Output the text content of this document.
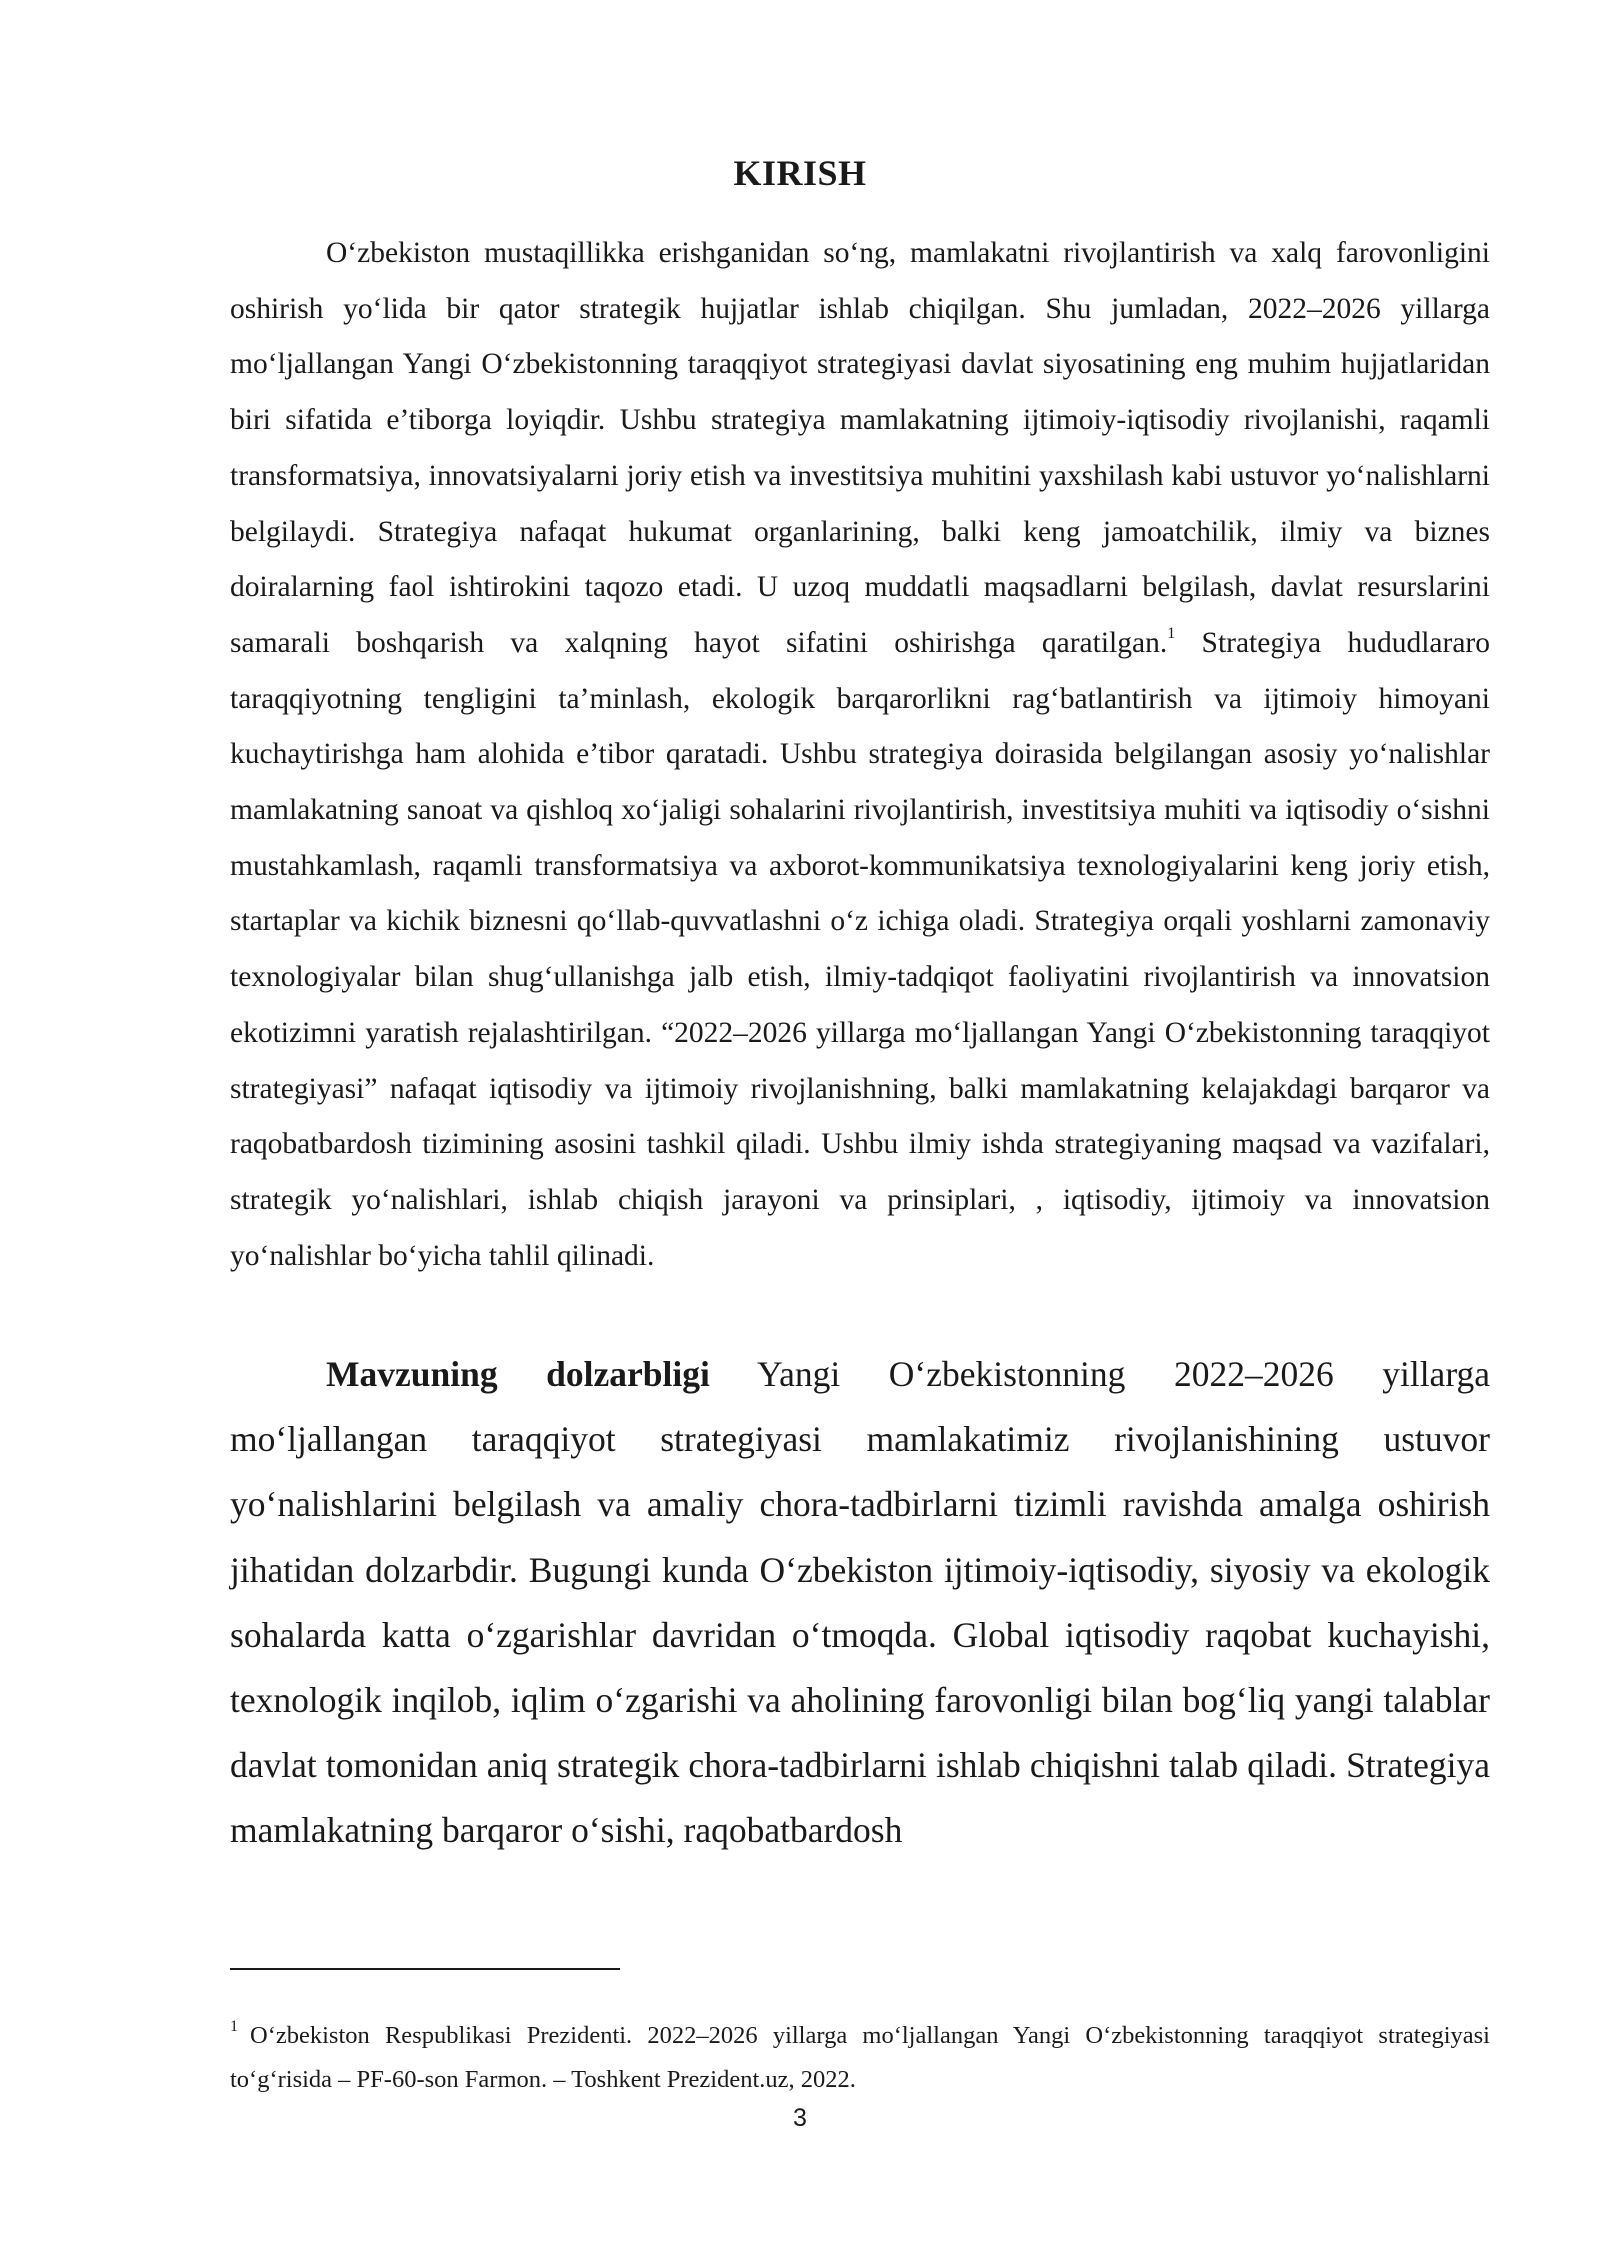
KIRISH

O‘zbekiston mustaqillikka erishganidan so‘ng, mamlakatni rivojlantirish va xalq farovonligini oshirish yo‘lida bir qator strategik hujjatlar ishlab chiqilgan. Shu jumladan, 2022–2026 yillarga mo‘ljallangan Yangi O‘zbekistonning taraqqiyot strategiyasi davlat siyosatining eng muhim hujjatlaridan biri sifatida e’tiborga loyiqdir. Ushbu strategiya mamlakatning ijtimoiy-iqtisodiy rivojlanishi, raqamli transformatsiya, innovatsiyalarni joriy etish va investitsiya muhitini yaxshilash kabi ustuvor yo‘nalishlarni belgilaydi. Strategiya nafaqat hukumat organlarining, balki keng jamoatchilik, ilmiy va biznes doiralarning faol ishtirokini taqozo etadi. U uzoq muddatli maqsadlarni belgilash, davlat resurslarini samarali boshqarish va xalqning hayot sifatini oshirishga qaratilgan.$^1$ Strategiya hududlararo taraqqiyotning tengligini ta’minlash, ekologik barqarorlikni rag‘batlantirish va ijtimoiy himoyani kuchaytirishga ham alohida e’tibor qaratadi. Ushbu strategiya doirasida belgilangan asosiy yo‘nalishlar mamlakatning sanoat va qishloq xo‘jaligi sohalarini rivojlantirish, investitsiya muhiti va iqtisodiy o‘sishni mustahkamlash, raqamli transformatsiya va axborot-kommunikatsiya texnologiyalarini keng joriy etish, startaplar va kichik biznesni qo‘llab-quvvatlashni o‘z ichiga oladi. Strategiya orqali yoshlarni zamonaviy texnologiyalar bilan shug‘ullanishga jalb etish, ilmiy-tadqiqot faoliyatini rivojlantirish va innovatsion ekotizimni yaratish rejalashtirilgan. “2022–2026 yillarga mo‘ljallangan Yangi O‘zbekistonning taraqqiyot strategiyasi” nafaqat iqtisodiy va ijtimoiy rivojlanishning, balki mamlakatning kelajakdagi barqaror va raqobatbardosh tizimining asosini tashkil qiladi. Ushbu ilmiy ishda strategiyaning maqsad va vazifalari, strategik yo‘nalishlari, ishlab chiqish jarayoni va prinsiplari, , iqtisodiy, ijtimoiy va innovatsion yo‘nalishlar bo‘yicha tahlil qilinadi.

Mavzuning dolzarbligi Yangi O‘zbekistonning 2022–2026 yillarga mo‘ljallangan taraqqiyot strategiyasi mamlakatimiz rivojlanishining ustuvor yo‘nalishlarini belgilash va amaliy chora-tadbirlarni tizimli ravishda amalga oshirish jihatidan dolzarbdir. Bugungi kunda O‘zbekiston ijtimoiy-iqtisodiy, siyosiy va ekologik sohalarda katta o‘zgarishlar davridan o‘tmoqda. Global iqtisodiy raqobat kuchayishi, texnologik inqilob, iqlim o‘zgarishi va aholining farovonligi bilan bog‘liq yangi talablar davlat tomonidan aniq strategik chora-tadbirlarni ishlab chiqishni talab qiladi. Strategiya mamlakatning barqaror o‘sishi, raqobatbardosh

$^1$ O‘zbekiston Respublikasi Prezidenti. 2022–2026 yillarga mo‘ljallangan Yangi O‘zbekistonning taraqqiyot strategiyasi to‘g‘risida – PF-60-son Farmon. – Toshkent Prezident.uz, 2022.

3
